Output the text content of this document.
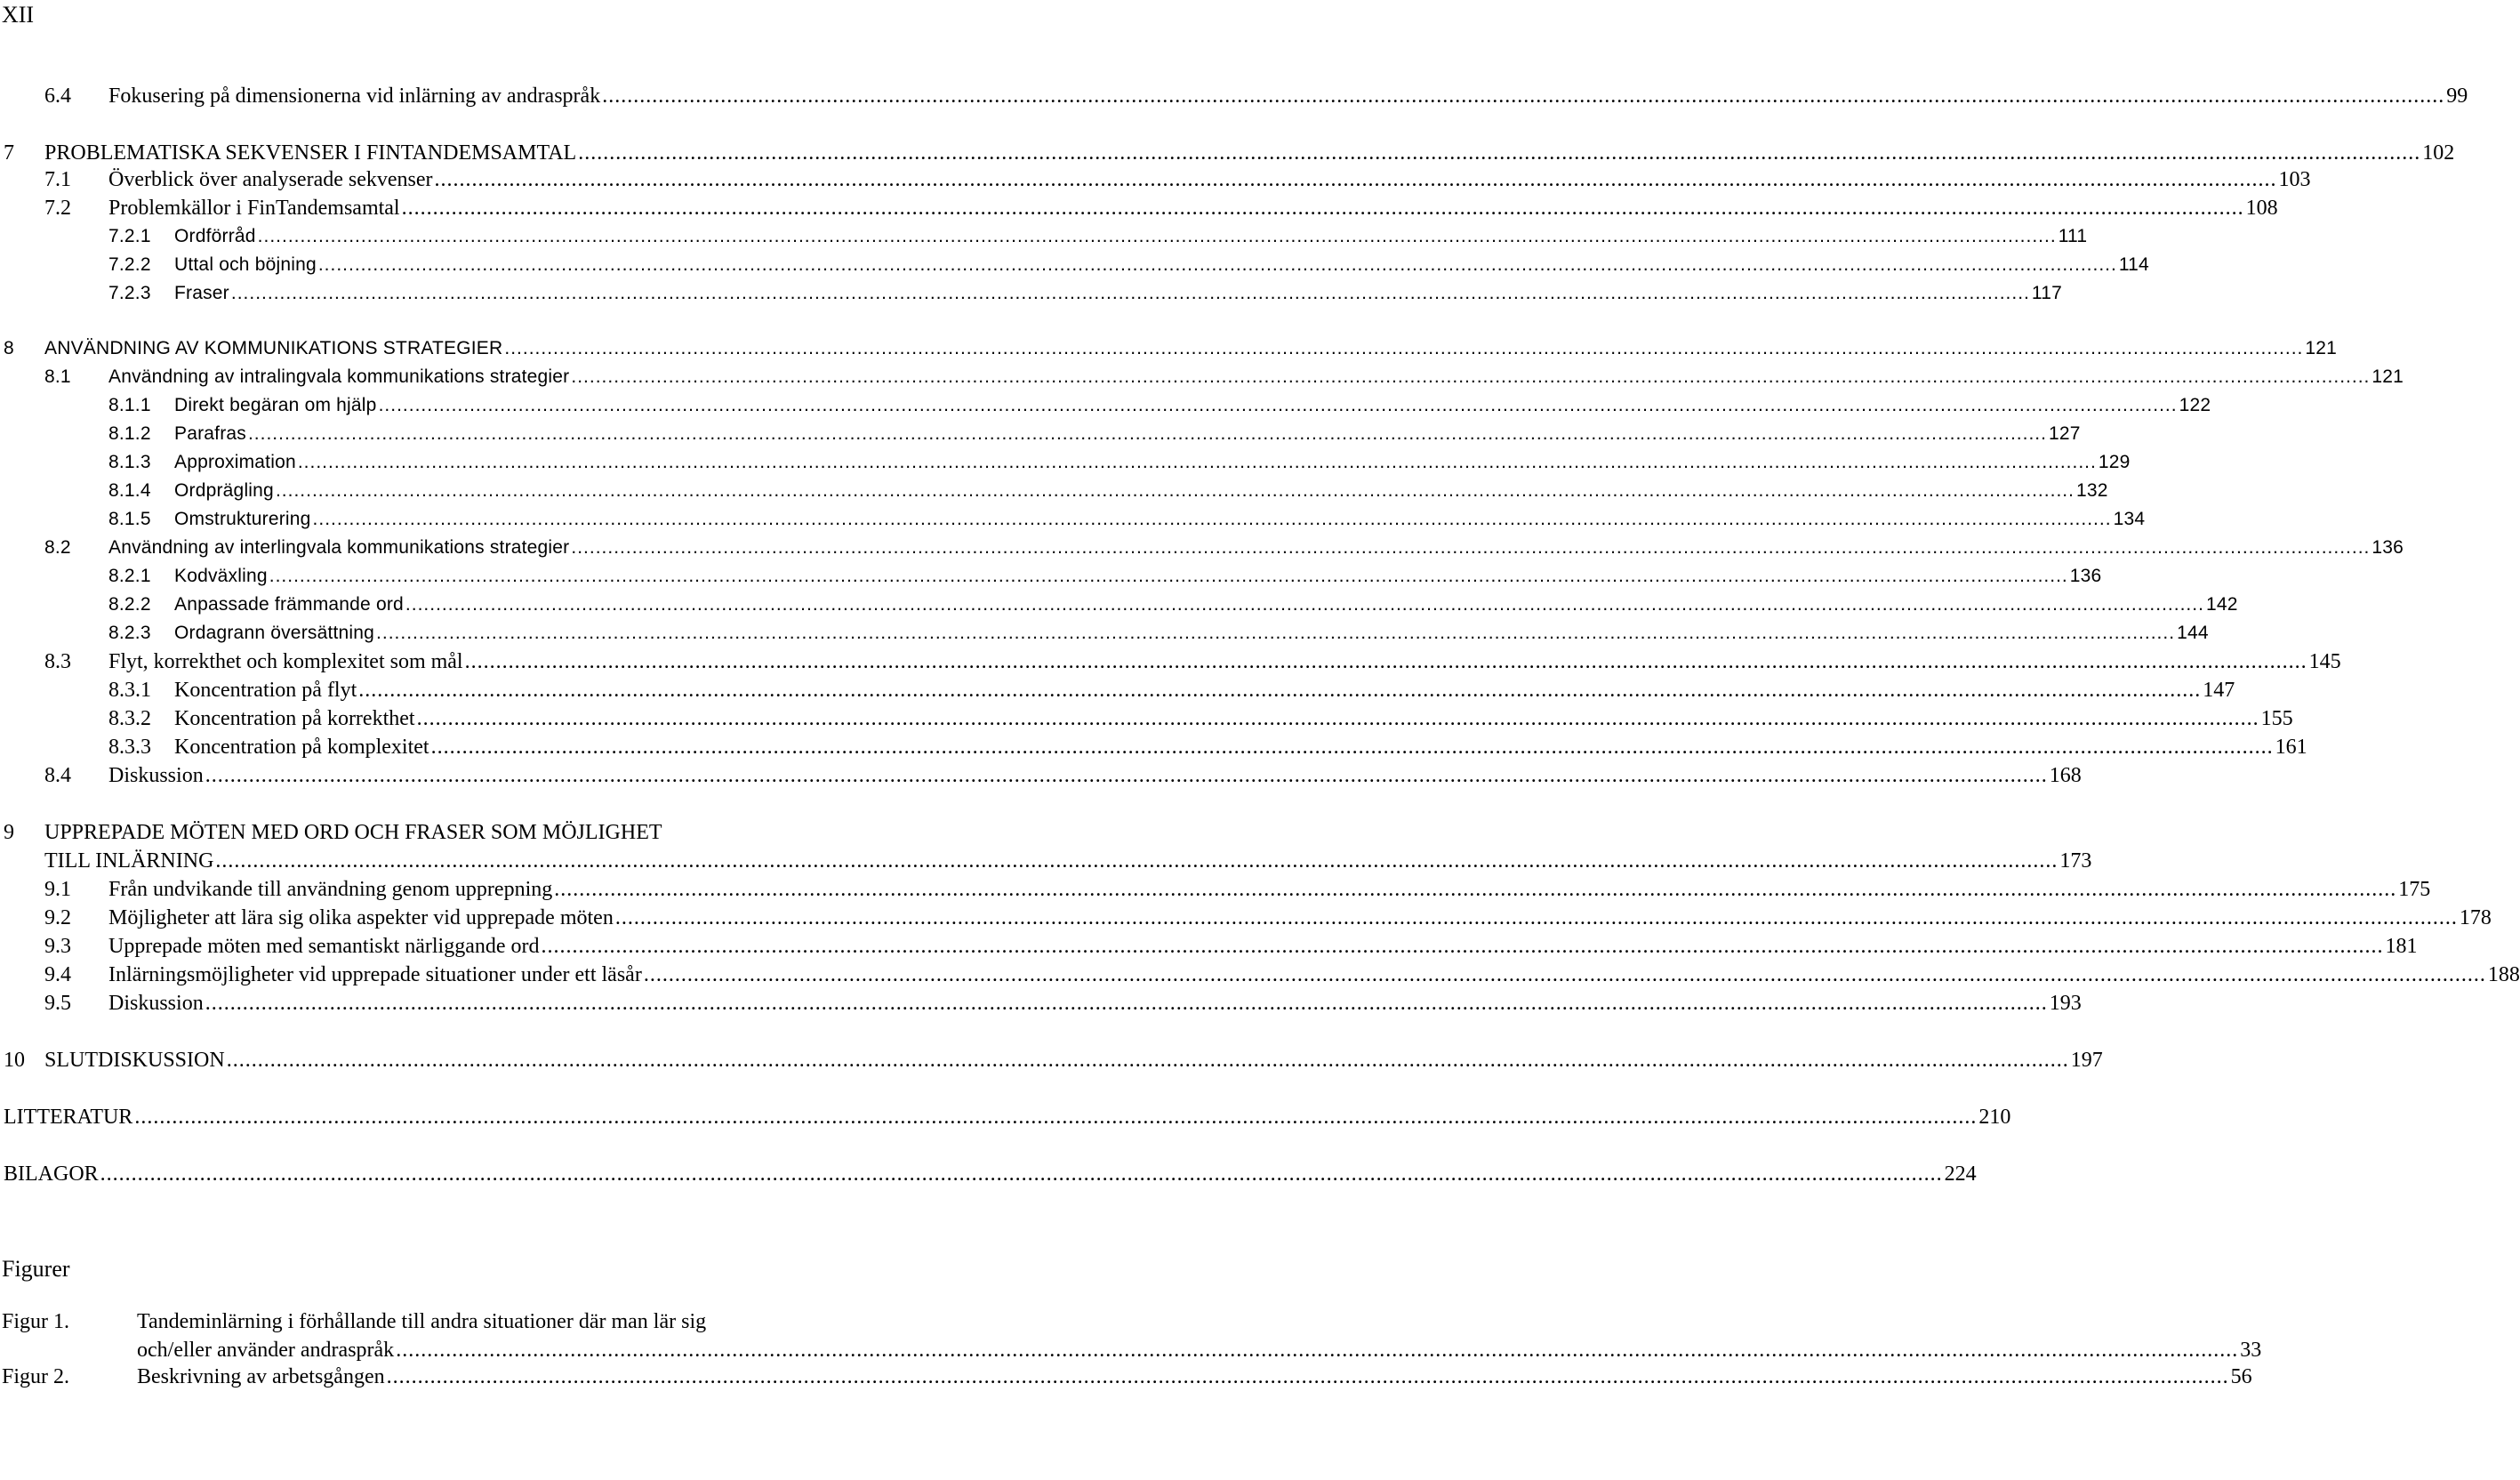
XII
6.4 Fokusering på dimensionerna vid inlärning av andraspråk ........................................................................................................................................................................................................................................................................................................ 99
7 PROBLEMATISKA SEKVENSER I FINTANDEMSAMTAL ........................................................................................................................................................................................................................................................................................................ 102
7.1 Överblick över analyserade sekvenser ........................................................................................................................................................................................................................................................................................................ 103
7.2 Problemkällor i FinTandemsamtal ........................................................................................................................................................................................................................................................................................................ 108
7.2.1 Ordförråd ........................................................................................................................................................................................................................................................................................................ 111
7.2.2 Uttal och böjning ........................................................................................................................................................................................................................................................................................................ 114
7.2.3 Fraser ........................................................................................................................................................................................................................................................................................................ 117
8 ANVÄNDNING AV KOMMUNIKATIONS STRATEGIER ........................................................................................................................................................................................................................................................................................................ 121
8.1 Användning av intralingvala kommunikations strategier ........................................................................................................................................................................................................................................................................................................ 121
8.1.1 Direkt begäran om hjälp ........................................................................................................................................................................................................................................................................................................ 122
8.1.2 Parafras ........................................................................................................................................................................................................................................................................................................ 127
8.1.3 Approximation ........................................................................................................................................................................................................................................................................................................ 129
8.1.4 Ordprägling ........................................................................................................................................................................................................................................................................................................ 132
8.1.5 Omstrukturering ........................................................................................................................................................................................................................................................................................................ 134
8.2 Användning av interlingvala kommunikations strategier ........................................................................................................................................................................................................................................................................................................ 136
8.2.1 Kodväxling ........................................................................................................................................................................................................................................................................................................ 136
8.2.2 Anpassade främmande ord ........................................................................................................................................................................................................................................................................................................ 142
8.2.3 Ordagrann översättning ........................................................................................................................................................................................................................................................................................................ 144
8.3 Flyt, korrekthet och komplexitet som mål ........................................................................................................................................................................................................................................................................................................ 145
8.3.1 Koncentration på flyt ........................................................................................................................................................................................................................................................................................................ 147
8.3.2 Koncentration på korrekthet ........................................................................................................................................................................................................................................................................................................ 155
8.3.3 Koncentration på komplexitet ........................................................................................................................................................................................................................................................................................................ 161
8.4 Diskussion ........................................................................................................................................................................................................................................................................................................ 168
9 UPPREPADE MÖTEN MED ORD OCH FRASER SOM MÖJLIGHET
TILL INLÄRNING ........................................................................................................................................................................................................................................................................................................ 173
9.1 Från undvikande till användning genom upprepning ........................................................................................................................................................................................................................................................................................................ 175
9.2 Möjligheter att lära sig olika aspekter vid upprepade möten ........................................................................................................................................................................................................................................................................................................ 178
9.3 Upprepade möten med semantiskt närliggande ord ........................................................................................................................................................................................................................................................................................................ 181
9.4 Inlärningsmöjligheter vid upprepade situationer under ett läsår ........................................................................................................................................................................................................................................................................................................ 188
9.5 Diskussion ........................................................................................................................................................................................................................................................................................................ 193
10 SLUTDISKUSSION ........................................................................................................................................................................................................................................................................................................ 197
LITTERATUR ........................................................................................................................................................................................................................................................................................................ 210
BILAGOR ........................................................................................................................................................................................................................................................................................................ 224
Figurer
Figur 1.	Tandeminlärning i förhållande till andra situationer där man lär sig
och/eller använder andraspråk ........................................................................................................................................................................................................................................................................................................ 33
Figur 2.	Beskrivning av arbetsgången ........................................................................................................................................................................................................................................................................................................ 56
